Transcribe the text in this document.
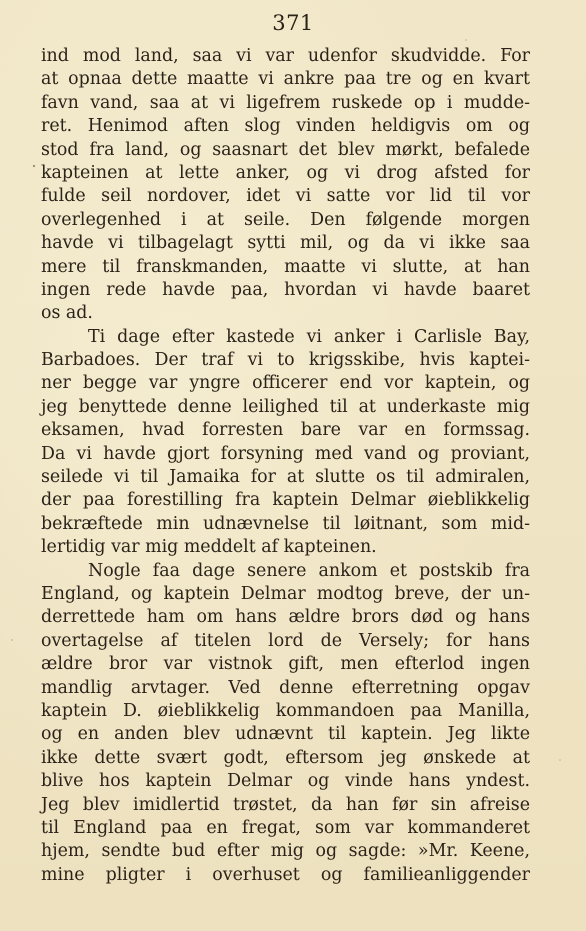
371
ind mod land, saa vi var udenfor skudvidde. For
at opnaa dette maatte vi ankre paa tre og en kvart
favn vand, saa at vi ligefrem ruskede op i mudde-
ret. Henimod aften slog vinden heldigvis om og
stod fra land, og saasnart det blev mørkt, befalede
kapteinen at lette anker, og vi drog afsted for
fulde seil nordover, idet vi satte vor lid til vor
overlegenhed i at seile. Den følgende morgen
havde vi tilbagelagt sytti mil, og da vi ikke saa
mere til franskmanden, maatte vi slutte, at han
ingen rede havde paa, hvordan vi havde baaret
os ad.
Ti dage efter kastede vi anker i Carlisle Bay,
Barbadoes. Der traf vi to krigsskibe, hvis kaptei-
ner begge var yngre officerer end vor kaptein, og
jeg benyttede denne leilighed til at underkaste mig
eksamen, hvad forresten bare var en formssag.
Da vi havde gjort forsyning med vand og proviant,
seilede vi til Jamaika for at slutte os til admiralen,
der paa forestilling fra kaptein Delmar øieblikkelig
bekræftede min udnævnelse til løitnant, som mid-
lertidig var mig meddelt af kapteinen.
Nogle faa dage senere ankom et postskib fra
England, og kaptein Delmar modtog breve, der un-
derrettede ham om hans ældre brors død og hans
overtagelse af titelen lord de Versely; for hans
ældre bror var vistnok gift, men efterlod ingen
mandlig arvtager. Ved denne efterretning opgav
kaptein D. øieblikkelig kommandoen paa Manilla,
og en anden blev udnævnt til kaptein. Jeg likte
ikke dette svært godt, eftersom jeg ønskede at
blive hos kaptein Delmar og vinde hans yndest.
Jeg blev imidlertid trøstet, da han før sin afreise
til England paa en fregat, som var kommanderet
hjem, sendte bud efter mig og sagde: »Mr. Keene,
mine pligter i overhuset og familieanliggender
